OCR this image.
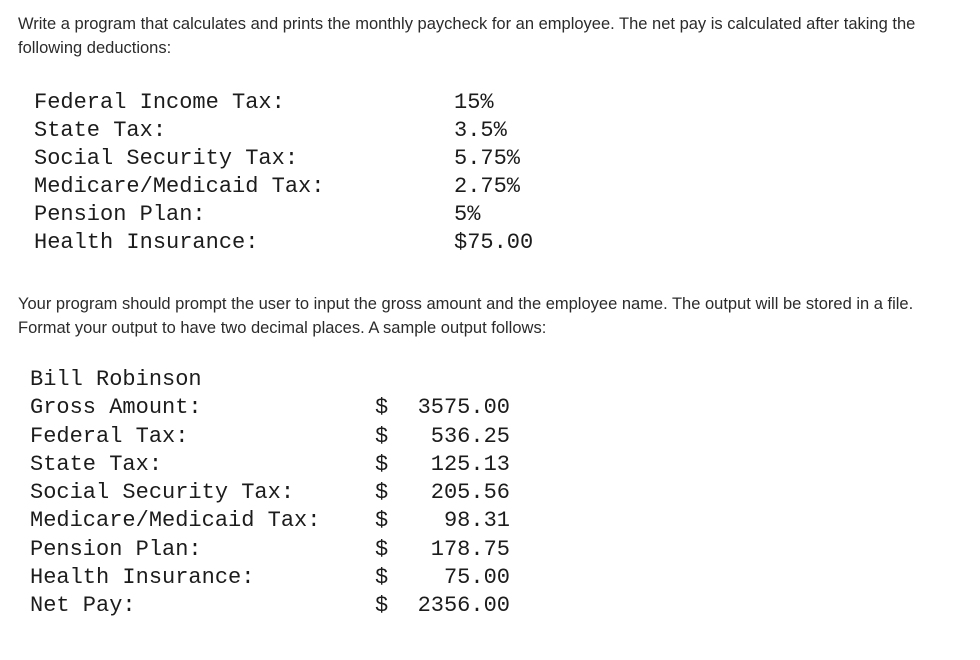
Write a program that calculates and prints the monthly paycheck for an employee. The net pay is calculated after taking the following deductions:

Federal Income Tax:	15%
State Tax:	3.5%
Social Security Tax:	5.75%
Medicare/Medicaid Tax:	2.75%
Pension Plan:	5%
Health Insurance:	$75.00

Your program should prompt the user to input the gross amount and the employee name. The output will be stored in a file. Format your output to have two decimal places. A sample output follows:

Bill Robinson
Gross Amount:	$	3575.00
Federal Tax:	$	536.25
State Tax:	$	125.13
Social Security Tax:	$	205.56
Medicare/Medicaid Tax: $	98.31
Pension Plan:	$	178.75
Health Insurance:	$	75.00
Net Pay:	$	2356.00
